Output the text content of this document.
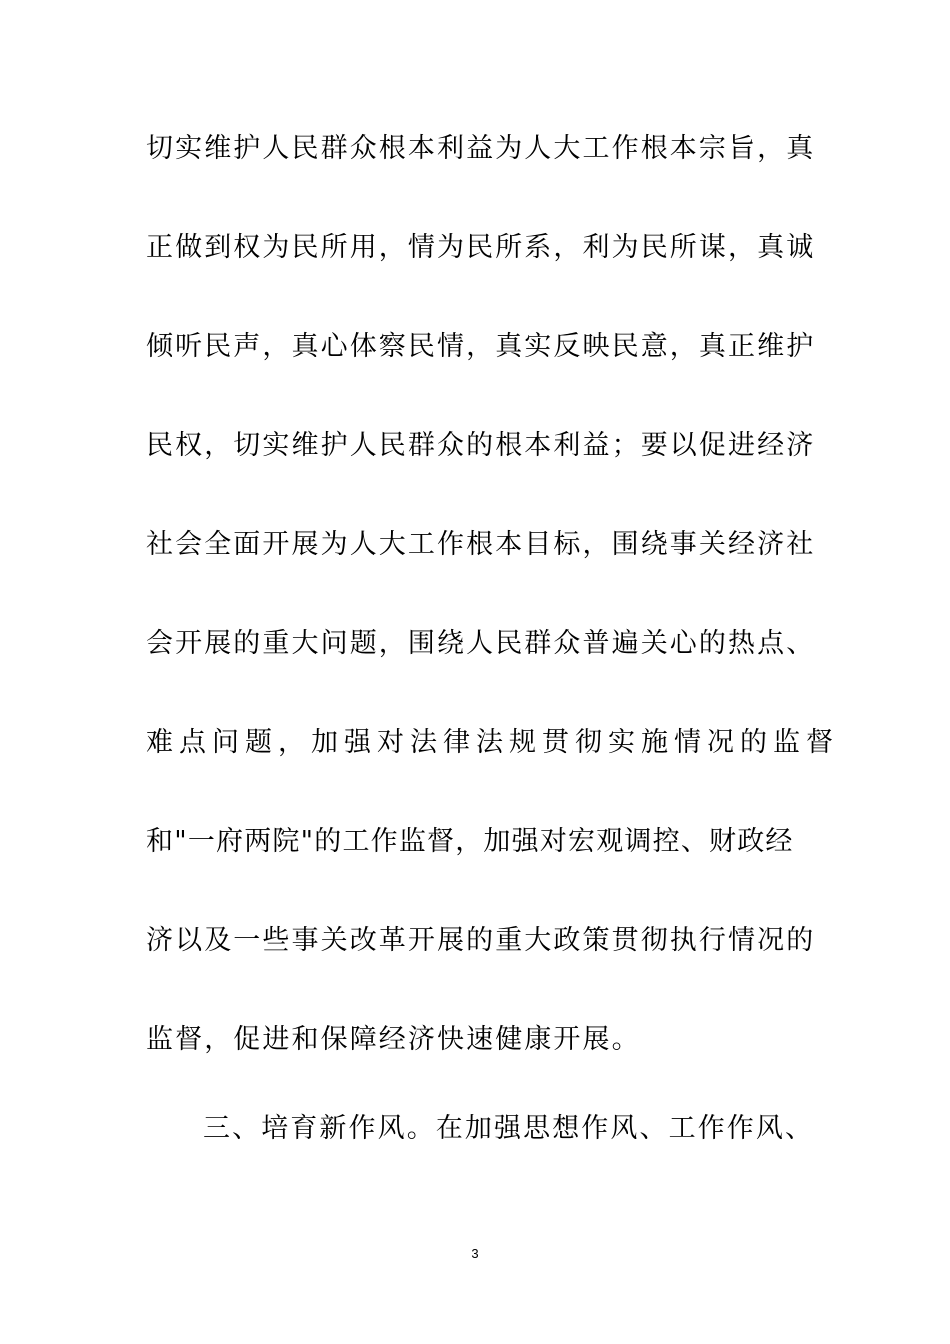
切实维护人民群众根本利益为人大工作根本宗旨，真
正做到权为民所用，情为民所系，利为民所谋，真诚
倾听民声，真心体察民情，真实反映民意，真正维护
民权，切实维护人民群众的根本利益；要以促进经济
社会全面开展为人大工作根本目标，围绕事关经济社
会开展的重大问题，围绕人民群众普遍关心的热点、
难点问题，加强对法律法规贯彻实施情况的监督
和"一府两院"的工作监督，加强对宏观调控、财政经
济以及一些事关改革开展的重大政策贯彻执行情况的
监督，促进和保障经济快速健康开展。
三、培育新作风。在加强思想作风、工作作风、
3
